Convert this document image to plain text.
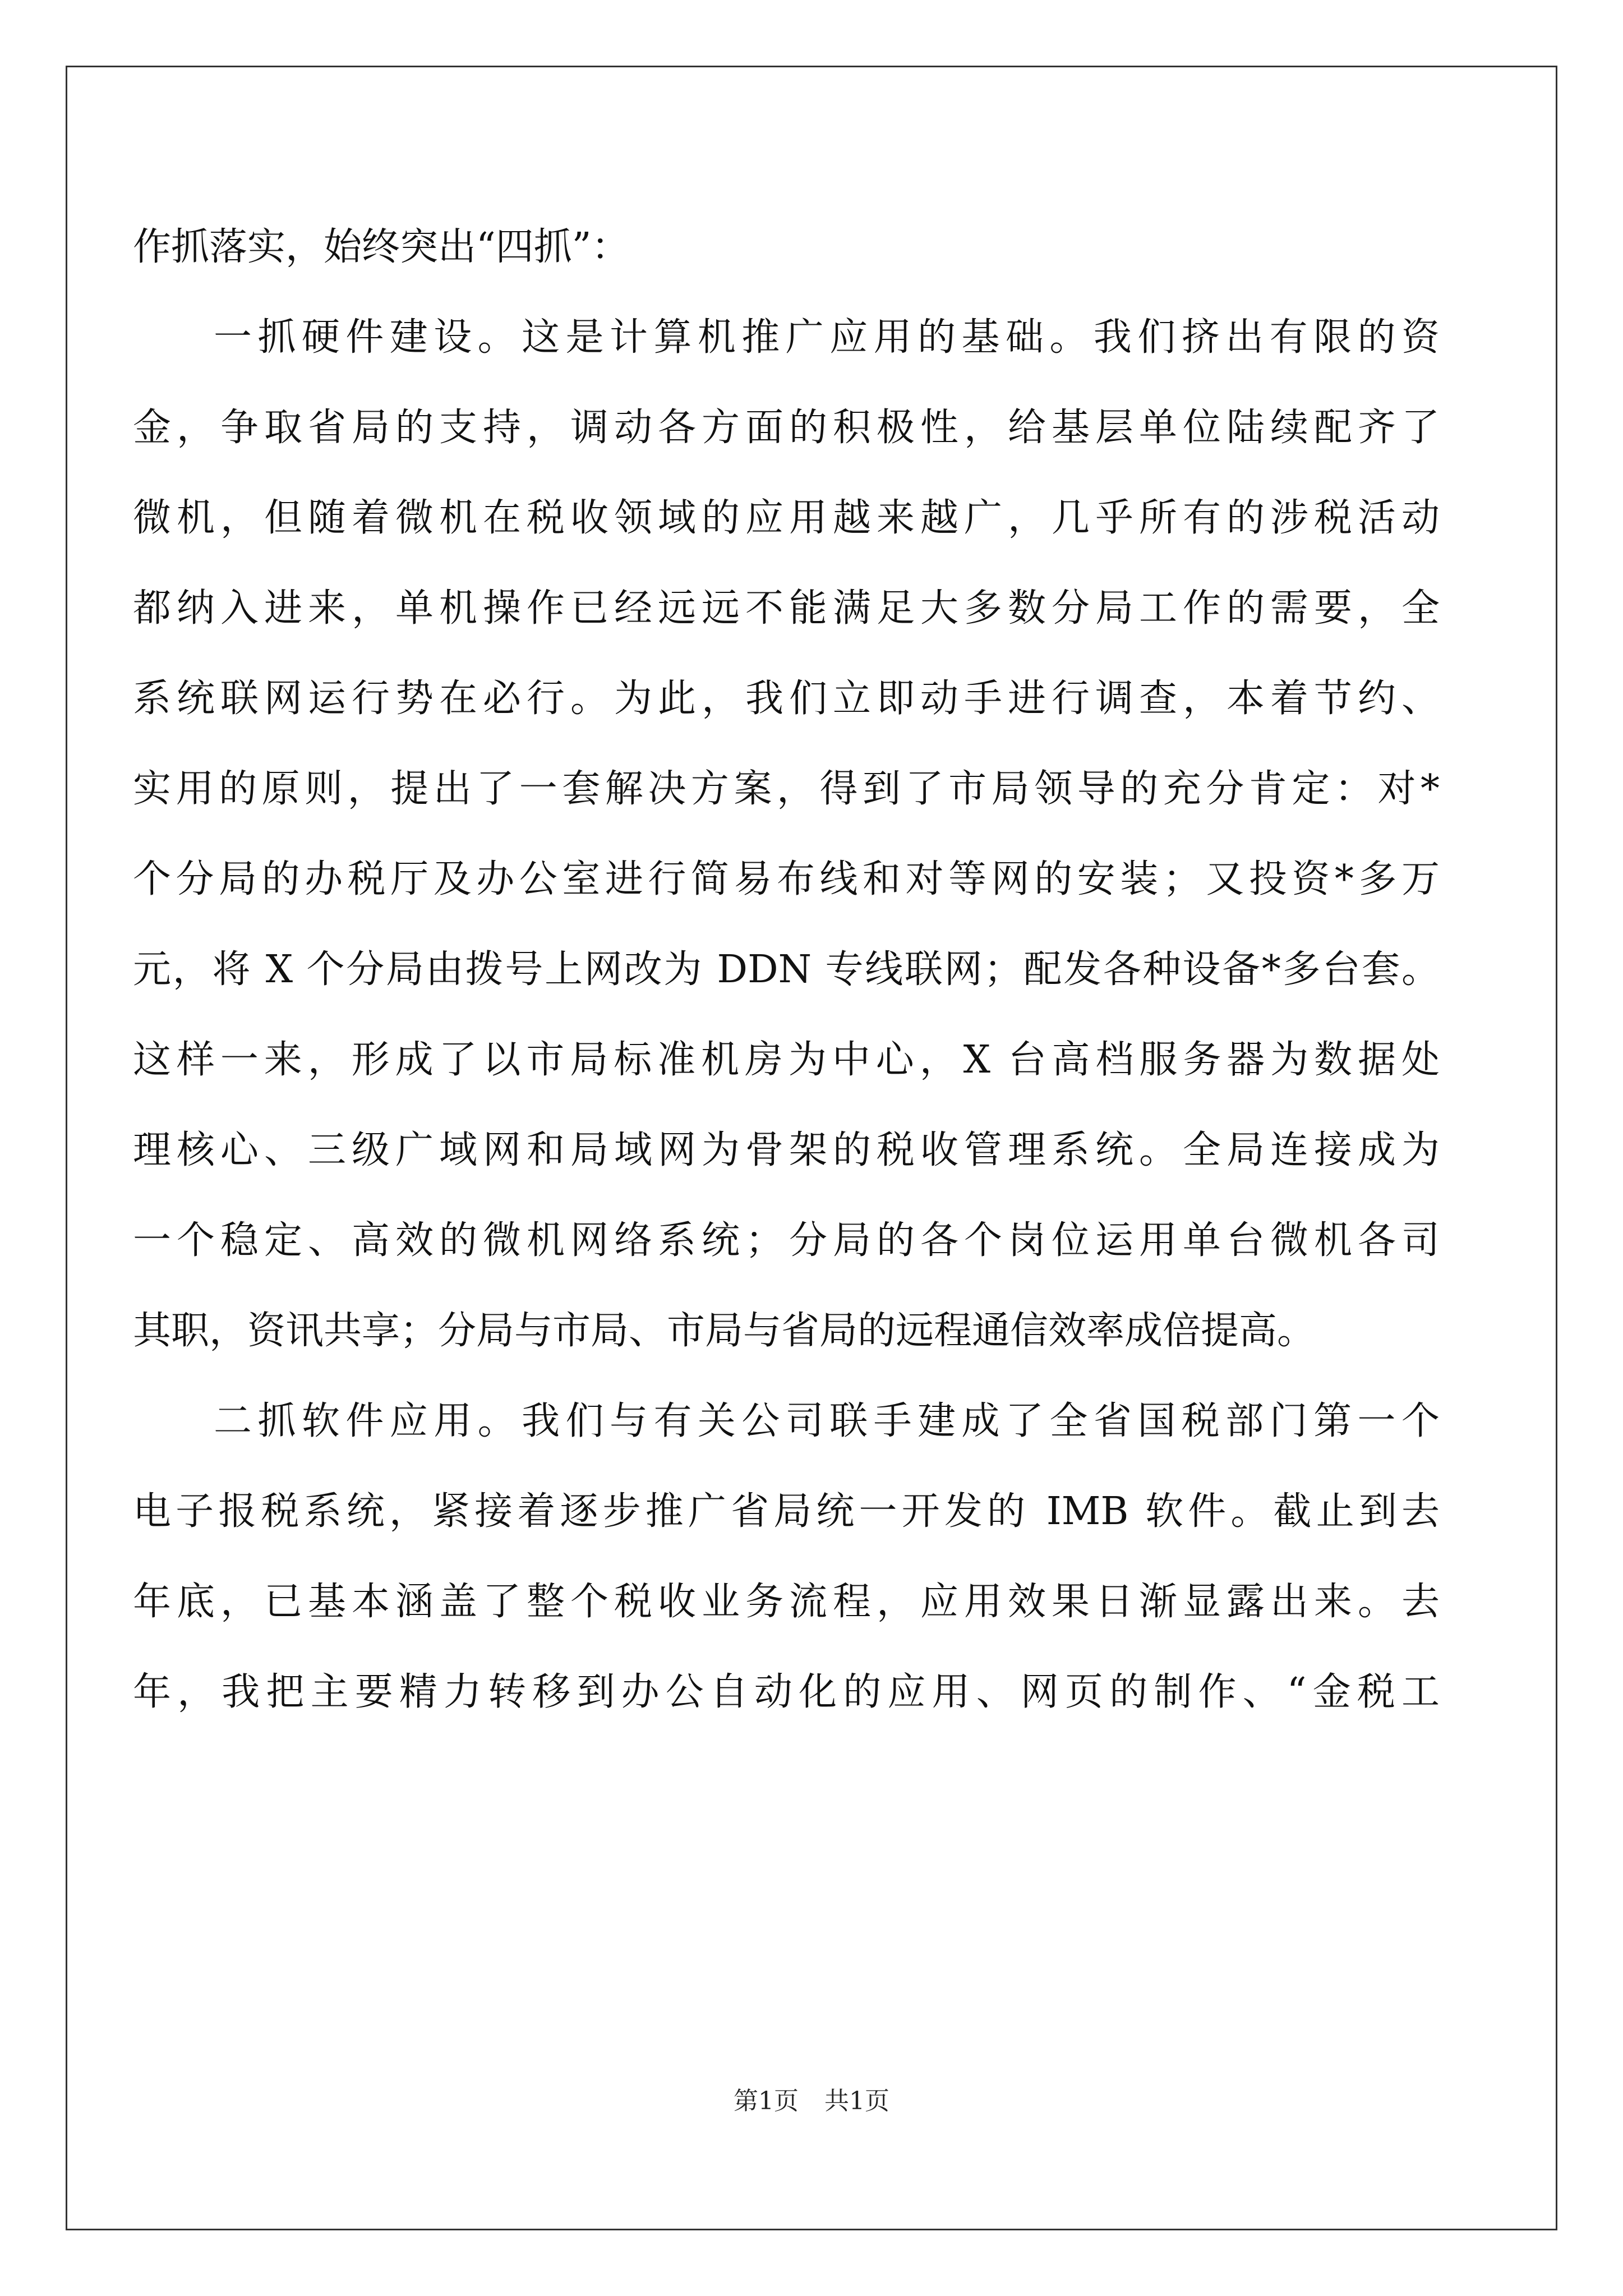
作抓落实，始终突出“四抓”：
一抓硬件建设。这是计算机推广应用的基础。我们挤出有限的资
金，争取省局的支持，调动各方面的积极性，给基层单位陆续配齐了
微机，但随着微机在税收领域的应用越来越广，几乎所有的涉税活动
都纳入进来，单机操作已经远远不能满足大多数分局工作的需要，全
系统联网运行势在必行。为此，我们立即动手进行调查，本着节约、
实用的原则，提出了一套解决方案，得到了市局领导的充分肯定：对*
个分局的办税厅及办公室进行简易布线和对等网的安装；又投资*多万
元，将 X 个分局由拨号上网改为 DDN 专线联网；配发各种设备*多台套。
这样一来，形成了以市局标准机房为中心，X 台高档服务器为数据处
理核心、三级广域网和局域网为骨架的税收管理系统。全局连接成为
一个稳定、高效的微机网络系统；分局的各个岗位运用单台微机各司
其职，资讯共享；分局与市局、市局与省局的远程通信效率成倍提高。
二抓软件应用。我们与有关公司联手建成了全省国税部门第一个
电子报税系统，紧接着逐步推广省局统一开发的 IMB 软件。截止到去
年底，已基本涵盖了整个税收业务流程，应用效果日渐显露出来。去
年，我把主要精力转移到办公自动化的应用、网页的制作、“金税工
第1页 共1页
